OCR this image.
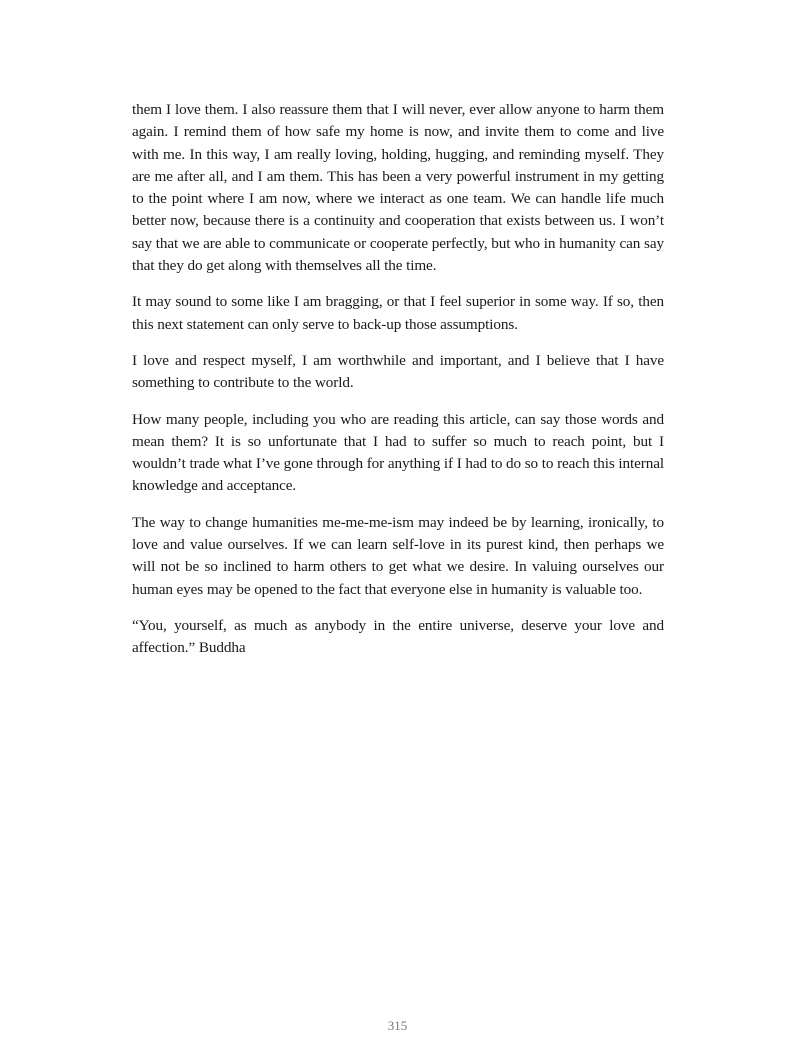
them I love them. I also reassure them that I will never, ever allow anyone to harm them again. I remind them of how safe my home is now, and invite them to come and live with me. In this way, I am really loving, holding, hugging, and reminding myself. They are me after all, and I am them. This has been a very powerful instrument in my getting to the point where I am now, where we interact as one team. We can handle life much better now, because there is a continuity and cooperation that exists between us. I won’t say that we are able to communicate or cooperate perfectly, but who in humanity can say that they do get along with themselves all the time.

It may sound to some like I am bragging, or that I feel superior in some way. If so, then this next statement can only serve to back-up those assumptions.

I love and respect myself, I am worthwhile and important, and I believe that I have something to contribute to the world.

How many people, including you who are reading this article, can say those words and mean them? It is so unfortunate that I had to suffer so much to reach point, but I wouldn’t trade what I’ve gone through for anything if I had to do so to reach this internal knowledge and acceptance.

The way to change humanities me-me-me-ism may indeed be by learning, ironically, to love and value ourselves. If we can learn self-love in its purest kind, then perhaps we will not be so inclined to harm others to get what we desire. In valuing ourselves our human eyes may be opened to the fact that everyone else in humanity is valuable too.

“You, yourself, as much as anybody in the entire universe, deserve your love and affection.” Buddha

315
